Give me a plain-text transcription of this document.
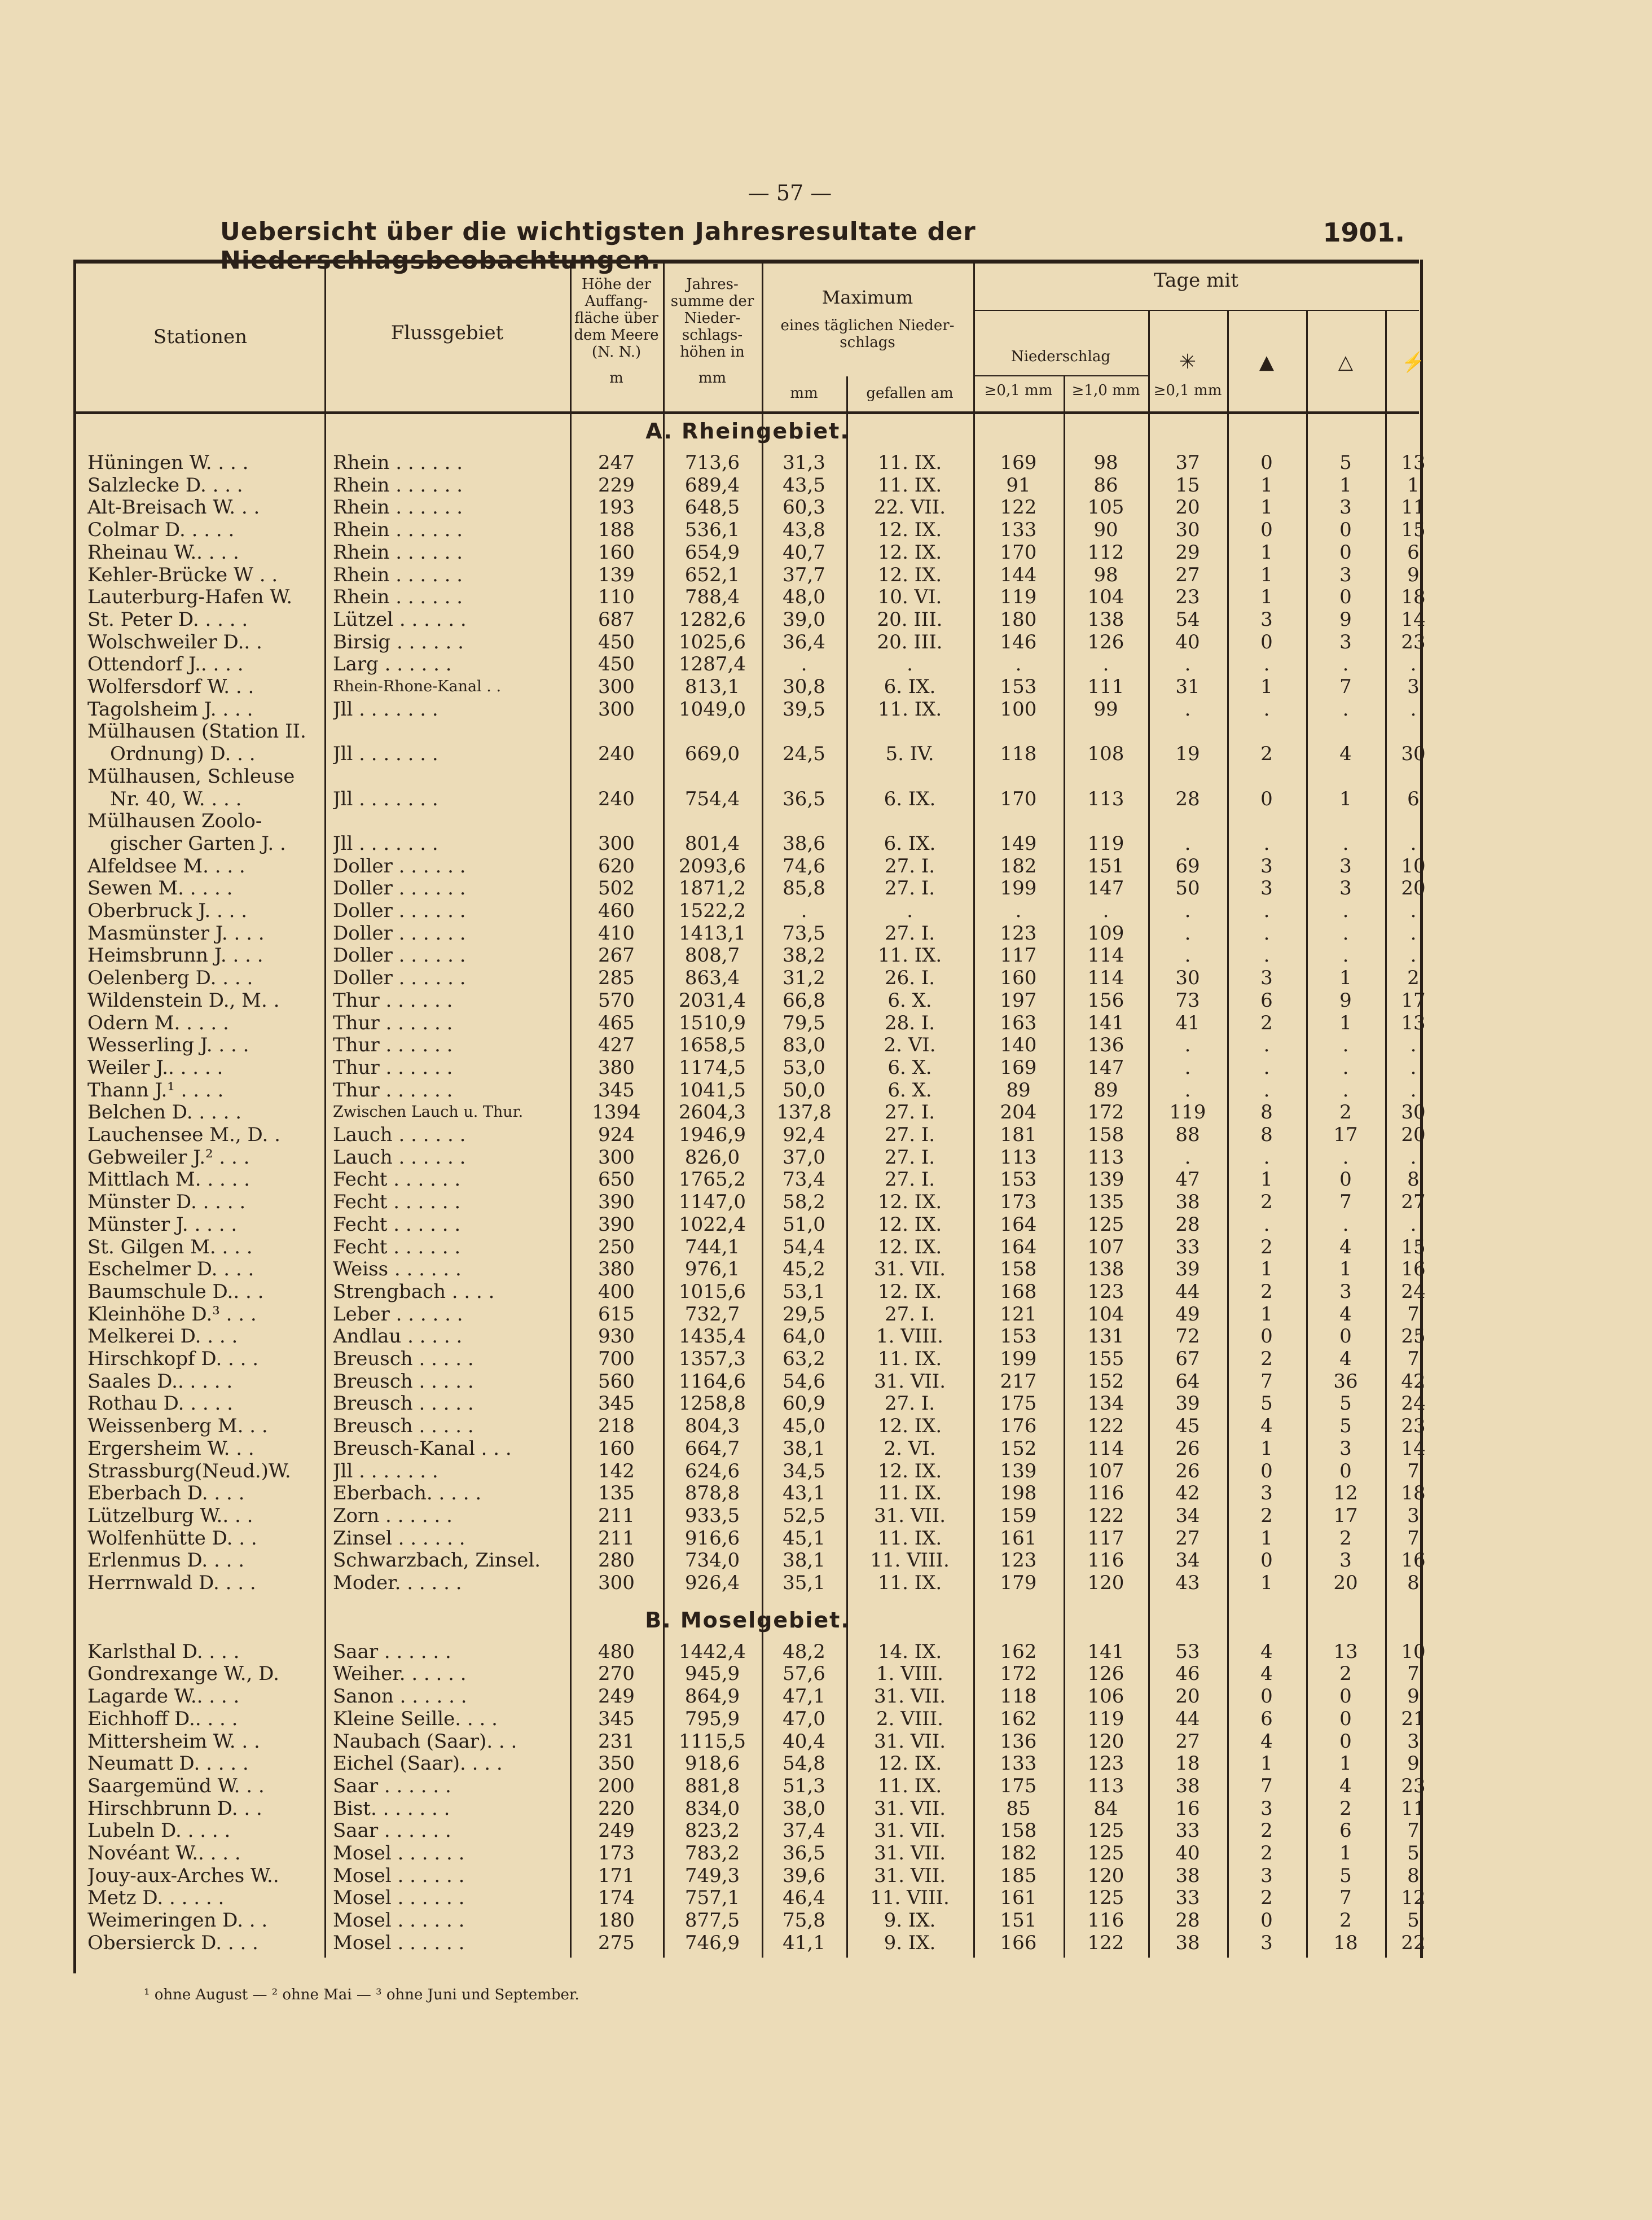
— 57 —
Uebersicht über die wichtigsten Jahresresultate der Niederschlagsbeobachtungen.
1901.
Stationen	Flussgebiet
Höhe der
Auffang-
fläche über
dem Meere
(N. N.)
m
Jahres-
summe der
Nieder-
schlags-
höhen in
mm
Maximum
eines täglichen Nieder-
schlags
mm	gefallen am
Tage mit
Niederschlag
≥0,1 mm	≥1,0 mm
✳
≥0,1 mm
▲	△	⚡
A. Rheingebiet.
Hüningen W. . . .	Rhein . . . . . .	247	713,6	31,3	11. IX.	169	98	37	0	5	13
Salzlecke D. . . .	Rhein . . . . . .	229	689,4	43,5	11. IX.	91	86	15	1	1	1
Alt-Breisach W. . .	Rhein . . . . . .	193	648,5	60,3	22. VII.	122	105	20	1	3	11
Colmar D. . . . .	Rhein . . . . . .	188	536,1	43,8	12. IX.	133	90	30	0	0	15
Rheinau W.. . . .	Rhein . . . . . .	160	654,9	40,7	12. IX.	170	112	29	1	0	6
Kehler-Brücke W . .	Rhein . . . . . .	139	652,1	37,7	12. IX.	144	98	27	1	3	9
Lauterburg-Hafen W.	Rhein . . . . . .	110	788,4	48,0	10. VI.	119	104	23	1	0	18
St. Peter D. . . . .	Lützel . . . . . .	687	1282,6	39,0	20. III.	180	138	54	3	9	14
Wolschweiler D.. .	Birsig . . . . . .	450	1025,6	36,4	20. III.	146	126	40	0	3	23
Ottendorf J.. . . .	Larg . . . . . .	450	1287,4	.	.	.	.	.	.	.	.
Wolfersdorf W. . .	Rhein-Rhone-Kanal . .	300	813,1	30,8	6. IX.	153	111	31	1	7	3
Tagolsheim J. . . .	Jll . . . . . . .	300	1049,0	39,5	11. IX.	100	99	.	.	.	.
Mülhausen (Station II.
Ordnung) D. . .	Jll . . . . . . .	240	669,0	24,5	5. IV.	118	108	19	2	4	30
Mülhausen, Schleuse
Nr. 40, W. . . .	Jll . . . . . . .	240	754,4	36,5	6. IX.	170	113	28	0	1	6
Mülhausen Zoolo-
gischer Garten J. . Jll . . . . . . .	300	801,4	38,6	6. IX.	149	119	.	.	.	.
Alfeldsee M. . . .	Doller . . . . . .	620	2093,6	74,6	27. I.	182	151	69	3	3	10
Sewen M. . . . .	Doller . . . . . .	502	1871,2	85,8	27. I.	199	147	50	3	3	20
Oberbruck J. . . .	Doller . . . . . .	460	1522,2	.	.	.	.	.	.	.	.
Masmünster J. . . .	Doller . . . . . .	410	1413,1	73,5	27. I.	123	109	.	.	.	.
Heimsbrunn J. . . .	Doller . . . . . .	267	808,7	38,2	11. IX.	117	114	.	.	.	.
Oelenberg D. . . .	Doller . . . . . .	285	863,4	31,2	26. I.	160	114	30	3	1	2
Wildenstein D., M. .	Thur . . . . . .	570	2031,4	66,8	6. X.	197	156	73	6	9	17
Odern M. . . . .	Thur . . . . . .	465	1510,9	79,5	28. I.	163	141	41	2	1	13
Wesserling J. . . .	Thur . . . . . .	427	1658,5	83,0	2. VI.	140	136	.	.	.	.
Weiler J.. . . . .	Thur . . . . . .	380	1174,5	53,0	6. X.	169	147	.	.	.	.
Thann J.¹ . . . .	Thur . . . . . .	345	1041,5	50,0	6. X.	89	89	.	.	.	.
Belchen D. . . . .	Zwischen Lauch u. Thur.	1394	2604,3	137,8	27. I.	204	172	119	8	2	30
Lauchensee M., D. .	Lauch . . . . . .	924	1946,9	92,4	27. I.	181	158	88	8	17	20
Gebweiler J.² . . .	Lauch . . . . . .	300	826,0	37,0	27. I.	113	113	.	.	.	.
Mittlach M. . . . .	Fecht . . . . . .	650	1765,2	73,4	27. I.	153	139	47	1	0	8
Münster D. . . . .	Fecht . . . . . .	390	1147,0	58,2	12. IX.	173	135	38	2	7	27
Münster J. . . . .	Fecht . . . . . .	390	1022,4	51,0	12. IX.	164	125	28	.	.	.
St. Gilgen M. . . .	Fecht . . . . . .	250	744,1	54,4	12. IX.	164	107	33	2	4	15
Eschelmer D. . . .	Weiss . . . . . .	380	976,1	45,2	31. VII.	158	138	39	1	1	16
Baumschule D.. . .	Strengbach . . . .	400	1015,6	53,1	12. IX.	168	123	44	2	3	24
Kleinhöhe D.³ . . .	Leber . . . . . .	615	732,7	29,5	27. I.	121	104	49	1	4	7
Melkerei D. . . .	Andlau . . . . .	930	1435,4	64,0	1. VIII.	153	131	72	0	0	25
Hirschkopf D. . . .	Breusch . . . . .	700	1357,3	63,2	11. IX.	199	155	67	2	4	7
Saales D.. . . . .	Breusch . . . . .	560	1164,6	54,6	31. VII.	217	152	64	7	36	42
Rothau D. . . . .	Breusch . . . . .	345	1258,8	60,9	27. I.	175	134	39	5	5	24
Weissenberg M. . .	Breusch . . . . .	218	804,3	45,0	12. IX.	176	122	45	4	5	23
Ergersheim W. . .	Breusch-Kanal . . .	160	664,7	38,1	2. VI.	152	114	26	1	3	14
Strassburg(Neud.)W.	Jll . . . . . . .	142	624,6	34,5	12. IX.	139	107	26	0	0	7
Eberbach D. . . .	Eberbach. . . . .	135	878,8	43,1	11. IX.	198	116	42	3	12	18
Lützelburg W.. . .	Zorn . . . . . .	211	933,5	52,5	31. VII.	159	122	34	2	17	3
Wolfenhütte D. . .	Zinsel . . . . . .	211	916,6	45,1	11. IX.	161	117	27	1	2	7
Erlenmus D. . . .	Schwarzbach, Zinsel.	280	734,0	38,1	11. VIII.	123	116	34	0	3	16
Herrnwald D. . . .	Moder. . . . . .	300	926,4	35,1	11. IX.	179	120	43	1	20	8
B. Moselgebiet.
Karlsthal D. . . .	Saar . . . . . .	480	1442,4	48,2	14. IX.	162	141	53	4	13	10
Gondrexange W., D.	Weiher. . . . . .	270	945,9	57,6	1. VIII.	172	126	46	4	2	7
Lagarde W.. . . .	Sanon . . . . . .	249	864,9	47,1	31. VII.	118	106	20	0	0	9
Eichhoff D.. . . .	Kleine Seille. . . .	345	795,9	47,0	2. VIII.	162	119	44	6	0	21
Mittersheim W. . .	Naubach (Saar). . .	231	1115,5	40,4	31. VII.	136	120	27	4	0	3
Neumatt D. . . . .	Eichel (Saar). . . .	350	918,6	54,8	12. IX.	133	123	18	1	1	9
Saargemünd W. . .	Saar . . . . . .	200	881,8	51,3	11. IX.	175	113	38	7	4	23
Hirschbrunn D. . .	Bist. . . . . . .	220	834,0	38,0	31. VII.	85	84	16	3	2	11
Lubeln D. . . . .	Saar . . . . . .	249	823,2	37,4	31. VII.	158	125	33	2	6	7
Novéant W.. . . .	Mosel . . . . . .	173	783,2	36,5	31. VII.	182	125	40	2	1	5
Jouy-aux-Arches W..	Mosel . . . . . .	171	749,3	39,6	31. VII.	185	120	38	3	5	8
Metz D. . . . . .	Mosel . . . . . .	174	757,1	46,4	11. VIII.	161	125	33	2	7	12
Weimeringen D. . .	Mosel . . . . . .	180	877,5	75,8	9. IX.	151	116	28	0	2	5
Obersierck D. . . .	Mosel . . . . . .	275	746,9	41,1	9. IX.	166	122	38	3	18	22
¹ ohne August — ² ohne Mai — ³ ohne Juni und September.
